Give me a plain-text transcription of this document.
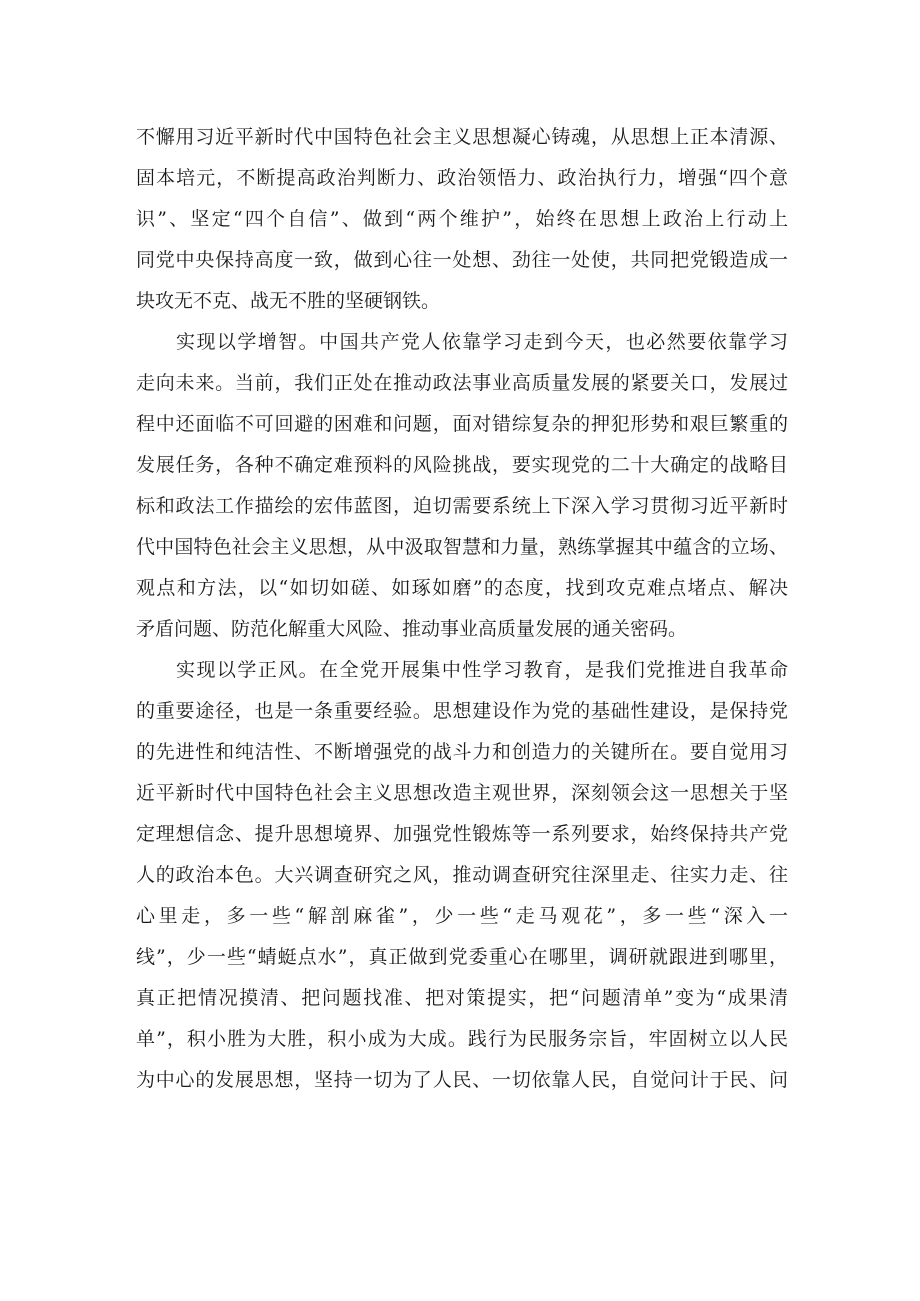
不懈用习近平新时代中国特色社会主义思想凝心铸魂，从思想上正本清源、
固本培元，不断提高政治判断力、政治领悟力、政治执行力，增强“四个意
识”、坚定“四个自信”、做到“两个维护”，始终在思想上政治上行动上
同党中央保持高度一致，做到心往一处想、劲往一处使，共同把党锻造成一
块攻无不克、战无不胜的坚硬钢铁。
实现以学增智。中国共产党人依靠学习走到今天，也必然要依靠学习
走向未来。当前，我们正处在推动政法事业高质量发展的紧要关口，发展过
程中还面临不可回避的困难和问题，面对错综复杂的押犯形势和艰巨繁重的
发展任务，各种不确定难预料的风险挑战，要实现党的二十大确定的战略目
标和政法工作描绘的宏伟蓝图，迫切需要系统上下深入学习贯彻习近平新时
代中国特色社会主义思想，从中汲取智慧和力量，熟练掌握其中蕴含的立场、
观点和方法，以“如切如磋、如琢如磨”的态度，找到攻克难点堵点、解决
矛盾问题、防范化解重大风险、推动事业高质量发展的通关密码。
实现以学正风。在全党开展集中性学习教育，是我们党推进自我革命
的重要途径，也是一条重要经验。思想建设作为党的基础性建设，是保持党
的先进性和纯洁性、不断增强党的战斗力和创造力的关键所在。要自觉用习
近平新时代中国特色社会主义思想改造主观世界，深刻领会这一思想关于坚
定理想信念、提升思想境界、加强党性锻炼等一系列要求，始终保持共产党
人的政治本色。大兴调查研究之风，推动调查研究往深里走、往实力走、往
心里走，多一些“解剖麻雀”，少一些“走马观花”，多一些“深入一
线”，少一些“蜻蜓点水”，真正做到党委重心在哪里，调研就跟进到哪里，
真正把情况摸清、把问题找准、把对策提实，把“问题清单”变为“成果清
单”，积小胜为大胜，积小成为大成。践行为民服务宗旨，牢固树立以人民
为中心的发展思想，坚持一切为了人民、一切依靠人民，自觉问计于民、问
